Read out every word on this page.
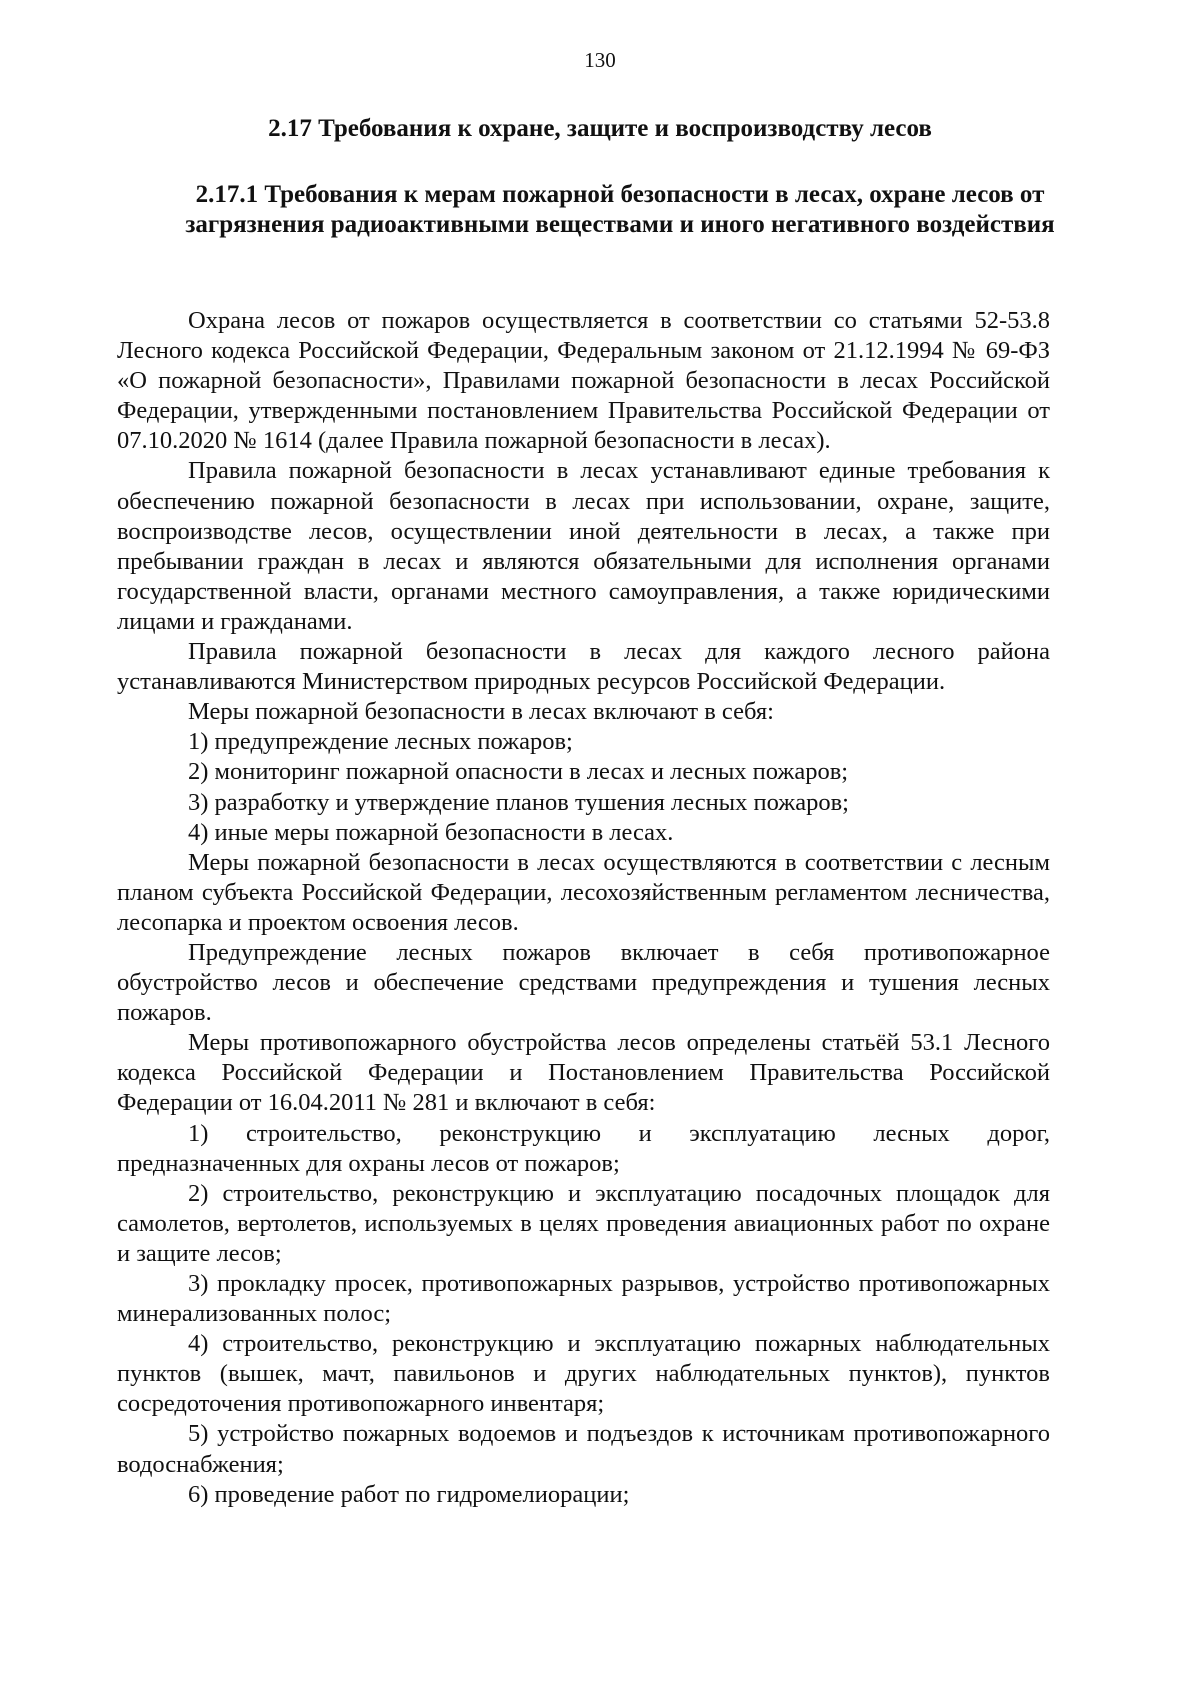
130
2.17 Требования к охране, защите и воспроизводству лесов
2.17.1 Требования к мерам пожарной безопасности в лесах, охране лесов от загрязнения радиоактивными веществами и иного негативного воздействия

Охрана лесов от пожаров осуществляется в соответствии со статьями 52-53.8 Лесного кодекса Российской Федерации, Федеральным законом от 21.12.1994 № 69-ФЗ «О пожарной безопасности», Правилами пожарной безопасности в лесах Российской Федерации, утвержденными постановлением Правительства Российской Федерации от 07.10.2020 № 1614 (далее Правила пожарной безопасности в лесах).

Правила пожарной безопасности в лесах устанавливают единые требования к обеспечению пожарной безопасности в лесах при использовании, охране, защите, воспроизводстве лесов, осуществлении иной деятельности в лесах, а также при пребывании граждан в лесах и являются обязательными для исполнения органами государственной власти, органами местного самоуправления, а также юридическими лицами и гражданами.

Правила пожарной безопасности в лесах для каждого лесного района устанавливаются Министерством природных ресурсов Российской Федерации.

Меры пожарной безопасности в лесах включают в себя:

1) предупреждение лесных пожаров;

2) мониторинг пожарной опасности в лесах и лесных пожаров;

3) разработку и утверждение планов тушения лесных пожаров;

4) иные меры пожарной безопасности в лесах.

Меры пожарной безопасности в лесах осуществляются в соответствии с лесным планом субъекта Российской Федерации, лесохозяйственным регламентом лесничества, лесопарка и проектом освоения лесов.

Предупреждение лесных пожаров включает в себя противопожарное обустройство лесов и обеспечение средствами предупреждения и тушения лесных пожаров.

Меры противопожарного обустройства лесов определены статьёй 53.1 Лесного кодекса Российской Федерации и Постановлением Правительства Российской Федерации от 16.04.2011 № 281 и включают в себя:

1) строительство, реконструкцию и эксплуатацию лесных дорог, предназначенных для охраны лесов от пожаров;

2) строительство, реконструкцию и эксплуатацию посадочных площадок для самолетов, вертолетов, используемых в целях проведения авиационных работ по охране и защите лесов;

3) прокладку просек, противопожарных разрывов, устройство противопожарных минерализованных полос;

4) строительство, реконструкцию и эксплуатацию пожарных наблюдательных пунктов (вышек, мачт, павильонов и других наблюдательных пунктов), пунктов сосредоточения противопожарного инвентаря;

5) устройство пожарных водоемов и подъездов к источникам противопожарного водоснабжения;

6) проведение работ по гидромелиорации;
